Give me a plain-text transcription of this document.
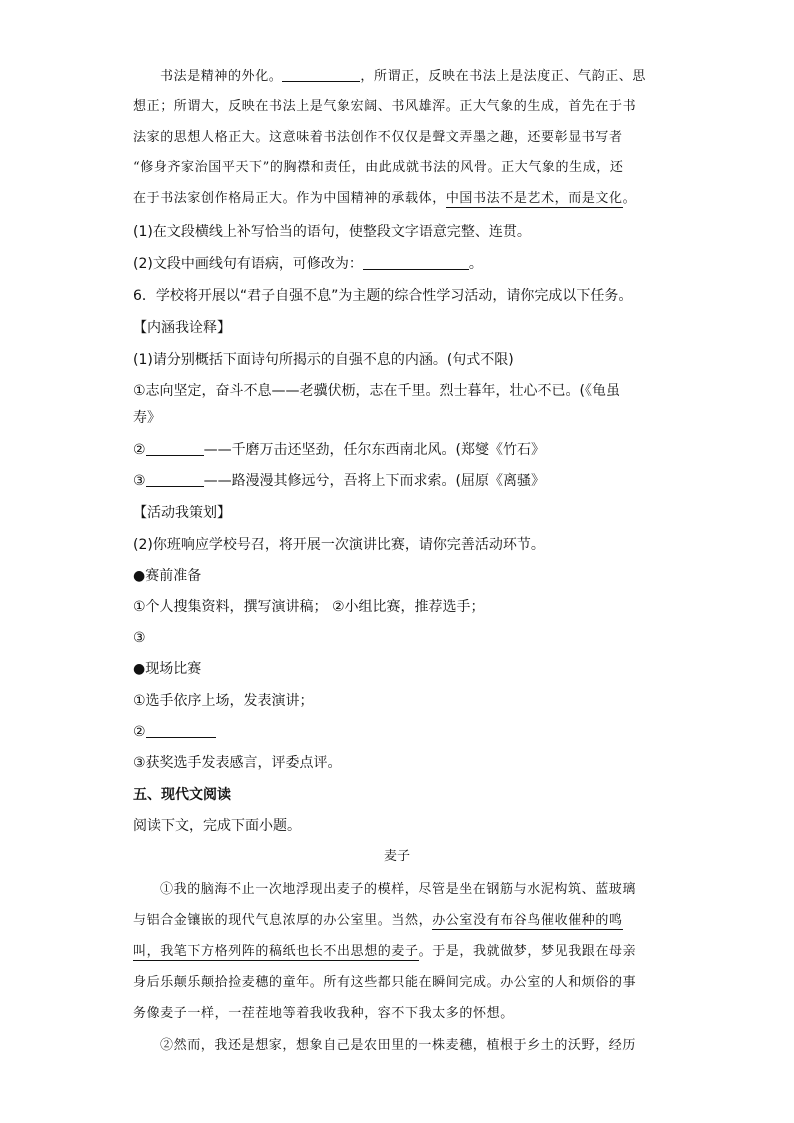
书法是精神的外化。	，所谓正，反映在书法上是法度正、气韵正、思
想正；所谓大，反映在书法上是气象宏阔、书风雄浑。正大气象的生成，首先在于书
法家的思想人格正大。这意味着书法创作不仅仅是聲文弄墨之趣，还要彰显书写者
“修身齐家治国平天下”的胸襟和责任，由此成就书法的风骨。正大气象的生成，还
在于书法家创作格局正大。作为中国精神的承载体，中国书法不是艺术，而是文化。
(1)在文段横线上补写恰当的语句，使整段文字语意完整、连贯。
(2)文段中画线句有语病，可修改为：	。
6．学校将开展以“君子自强不息”为主题的综合性学习活动，请你完成以下任务。
【内涵我诠释】
(1)请分别概括下面诗句所揭示的自强不息的内涵。(句式不限)
①志向坚定，奋斗不息——老骥伏枥，志在千里。烈士暮年，壮心不已。(《龟虽
寿》
②	——千磨万击还坚劲，任尔东西南北风。(郑燮《竹石》
③	——路漫漫其修远兮，吾将上下而求索。(屈原《离骚》
【活动我策划】
(2)你班响应学校号召，将开展一次演讲比赛，请你完善活动环节。
●赛前准备
①个人搜集资料，撰写演讲稿； ②小组比赛，推荐选手；
③
●现场比赛
①选手依序上场，发表演讲；
②
③获奖选手发表感言，评委点评。
五、现代文阅读
阅读下文，完成下面小题。
麦子
①我的脑海不止一次地浮现出麦子的模样，尽管是坐在钢筋与水泥构筑、蓝玻璃
与铝合金镶嵌的现代气息浓厚的办公室里。当然，办公室没有布谷鸟催收催种的鸣
叫，我笔下方格列阵的稿纸也长不出思想的麦子。于是，我就做梦，梦见我跟在母亲
身后乐颠乐颠拾捡麦穗的童年。所有这些都只能在瞬间完成。办公室的人和烦俗的事
务像麦子一样，一茬茬地等着我收我种，容不下我太多的怀想。
②然而，我还是想家，想象自己是农田里的一株麦穗，植根于乡土的沃野，经历
